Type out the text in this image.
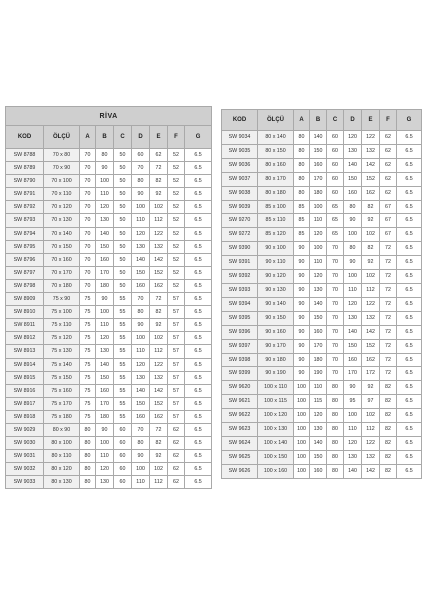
RİVA								
KOD	ÖLÇÜ	A	B	C	D	E	F	G
SW 8788	70 x 80	70	80	50	60	62	52	6.5
SW 8789	70 x 90	70	90	50	70	72	52	6.5
SW 8790	70 x 100	70	100	50	80	82	52	6.5
SW 8791	70 x 110	70	110	50	90	92	52	6.5
SW 8792	70 x 120	70	120	50	100	102	52	6.5
SW 8793	70 x 130	70	130	50	110	112	52	6.5
SW 8794	70 x 140	70	140	50	120	122	52	6.5
SW 8795	70 x 150	70	150	50	130	132	52	6.5
SW 8796	70 x 160	70	160	50	140	142	52	6.5
SW 8797	70 x 170	70	170	50	150	152	52	6.5
SW 8798	70 x 180	70	180	50	160	162	52	6.5
SW 8909	75 x 90	75	90	55	70	72	57	6.5
SW 8910	75 x 100	75	100	55	80	82	57	6.5
SW 8911	75 x 110	75	110	55	90	92	57	6.5
SW 8912	75 x 120	75	120	55	100	102	57	6.5
SW 8913	75 x 130	75	130	55	110	112	57	6.5
SW 8914	75 x 140	75	140	55	120	122	57	6.5
SW 8915	75 x 150	75	150	55	130	132	57	6.5
SW 8916	75 x 160	75	160	55	140	142	57	6.5
SW 8917	75 x 170	75	170	55	150	152	57	6.5
SW 8918	75 x 180	75	180	55	160	162	57	6.5
SW 9029	80 x 90	80	90	60	70	72	62	6.5
SW 9030	80 x 100	80	100	60	80	82	62	6.5
SW 9031	80 x 110	80	110	60	90	92	62	6.5
SW 9032	80 x 120	80	120	60	100	102	62	6.5
SW 9033	80 x 130	80	130	60	110	112	62	6.5
KOD	ÖLÇÜ	A	B	C	D	E	F	G
SW 9034	80 x 140	80	140	60	120	122	62	6.5
SW 9035	80 x 150	80	150	60	130	132	62	6.5
SW 9036	80 x 160	80	160	60	140	142	62	6.5
SW 9037	80 x 170	80	170	60	150	152	62	6.5
SW 9038	80 x 180	80	180	60	160	162	62	6.5
SW 9039	85 x 100	85	100	65	80	82	67	6.5
SW 9270	85 x 110	85	110	65	90	92	67	6.5
SW 9272	85 x 120	85	120	65	100	102	67	6.5
SW 9390	90 x 100	90	100	70	80	82	72	6.5
SW 9391	90 x 110	90	110	70	90	92	72	6.5
SW 9392	90 x 120	90	120	70	100	102	72	6.5
SW 9393	90 x 130	90	130	70	110	112	72	6.5
SW 9394	90 x 140	90	140	70	120	122	72	6.5
SW 9395	90 x 150	90	150	70	130	132	72	6.5
SW 9396	90 x 160	90	160	70	140	142	72	6.5
SW 9397	90 x 170	90	170	70	150	152	72	6.5
SW 9398	90 x 180	90	180	70	160	162	72	6.5
SW 9399	90 x 190	90	190	70	170	172	72	6.5
SW 9620	100 x 110	100	110	80	90	92	82	6.5
SW 9621	100 x 115	100	115	80	95	97	82	6.5
SW 9622	100 x 120	100	120	80	100	102	82	6.5
SW 9623	100 x 130	100	130	80	110	112	82	6.5
SW 9624	100 x 140	100	140	80	120	122	82	6.5
SW 9625	100 x 150	100	150	80	130	132	82	6.5
SW 9626	100 x 160	100	160	80	140	142	82	6.5
